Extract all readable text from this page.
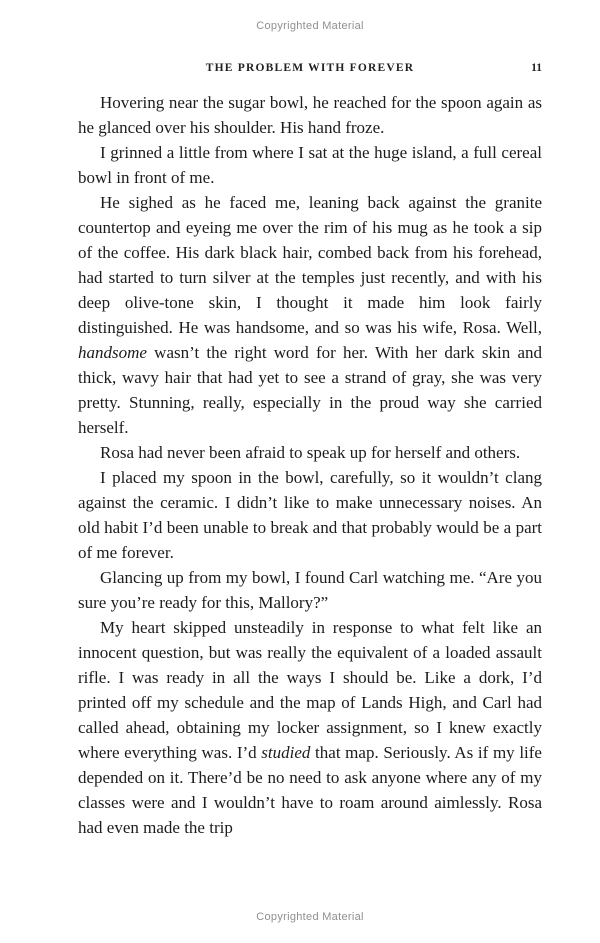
Copyrighted Material
THE PROBLEM WITH FOREVER	11

Hovering near the sugar bowl, he reached for the spoon again as he glanced over his shoulder. His hand froze.

I grinned a little from where I sat at the huge island, a full cereal bowl in front of me.

He sighed as he faced me, leaning back against the granite countertop and eyeing me over the rim of his mug as he took a sip of the coffee. His dark black hair, combed back from his forehead, had started to turn silver at the temples just recently, and with his deep olive-tone skin, I thought it made him look fairly distinguished. He was handsome, and so was his wife, Rosa. Well, handsome wasn’t the right word for her. With her dark skin and thick, wavy hair that had yet to see a strand of gray, she was very pretty. Stunning, really, especially in the proud way she carried herself.

Rosa had never been afraid to speak up for herself and others.

I placed my spoon in the bowl, carefully, so it wouldn’t clang against the ceramic. I didn’t like to make unnecessary noises. An old habit I’d been unable to break and that probably would be a part of me forever.

Glancing up from my bowl, I found Carl watching me. “Are you sure you’re ready for this, Mallory?”

My heart skipped unsteadily in response to what felt like an innocent question, but was really the equivalent of a loaded assault rifle. I was ready in all the ways I should be. Like a dork, I’d printed off my schedule and the map of Lands High, and Carl had called ahead, obtaining my locker assignment, so I knew exactly where everything was. I’d studied that map. Seriously. As if my life depended on it. There’d be no need to ask anyone where any of my classes were and I wouldn’t have to roam around aimlessly. Rosa had even made the trip

Copyrighted Material
